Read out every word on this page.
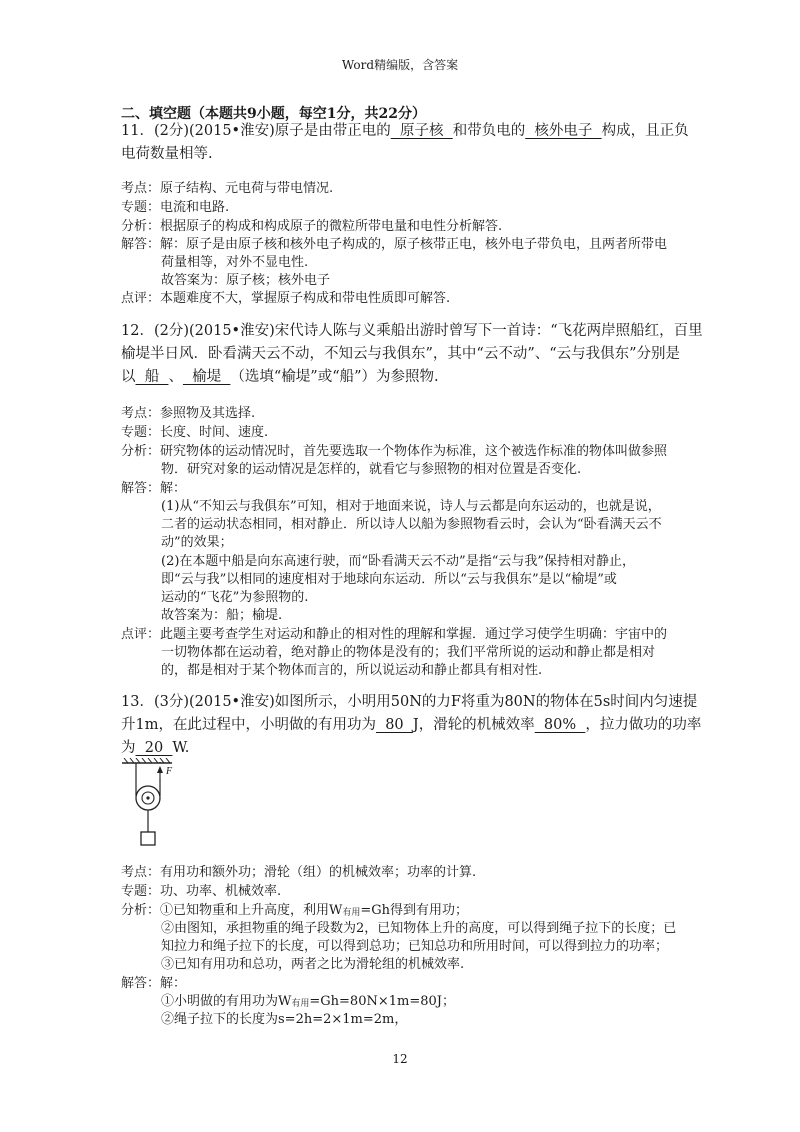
Word精编版，含答案
二、填空题（本题共9小题，每空1分，共22分）
11．(2分)(2015•淮安)原子是由带正电的  原子核  和带负电的  核外电子  构成，且正负
电荷数量相等.
考点：原子结构、元电荷与带电情况.
专题：电流和电路.
分析：根据原子的构成和构成原子的微粒所带电量和电性分析解答.
解答：解：原子是由原子核和核外电子构成的，原子核带正电，核外电子带负电，且两者所带电
荷量相等，对外不显电性.
故答案为：原子核；核外电子
点评：本题难度不大，掌握原子构成和带电性质即可解答.
12．(2分)(2015•淮安)宋代诗人陈与义乘船出游时曾写下一首诗：“飞花两岸照船红，百里
榆堤半日风．卧看满天云不动，不知云与我俱东”，其中“云不动”、“云与我俱东”分别是
以  船  、  榆堤  （选填“榆堤”或“船”）为参照物.
考点：参照物及其选择.
专题：长度、时间、速度.
分析：研究物体的运动情况时，首先要选取一个物体作为标准，这个被选作标准的物体叫做参照
物．研究对象的运动情况是怎样的，就看它与参照物的相对位置是否变化.
解答：解：
(1)从“不知云与我俱东”可知，相对于地面来说，诗人与云都是向东运动的，也就是说，
二者的运动状态相同，相对静止．所以诗人以船为参照物看云时，会认为“卧看满天云不
动”的效果；
(2)在本题中船是向东高速行驶，而“卧看满天云不动”是指“云与我”保持相对静止，
即“云与我”以相同的速度相对于地球向东运动．所以“云与我俱东”是以“榆堤”或
运动的“飞花”为参照物的.
故答案为：船；榆堤.
点评：此题主要考查学生对运动和静止的相对性的理解和掌握．通过学习使学生明确：宇宙中的
一切物体都在运动着，绝对静止的物体是没有的；我们平常所说的运动和静止都是相对
的，都是相对于某个物体而言的，所以说运动和静止都具有相对性.
13．(3分)(2015•淮安)如图所示，小明用50N的力F将重为80N的物体在5s时间内匀速提
升1m，在此过程中，小明做的有用功为  80  J，滑轮的机械效率  80%  ，拉力做功的功率
为  20  W.
F
考点：有用功和额外功；滑轮（组）的机械效率；功率的计算.
专题：功、功率、机械效率.
分析：①已知物重和上升高度，利用$W_{有用}=Gh$得到有用功；
②由图知，承担物重的绳子段数为2，已知物体上升的高度，可以得到绳子拉下的长度；已
知拉力和绳子拉下的长度，可以得到总功；已知总功和所用时间，可以得到拉力的功率；
③已知有用功和总功，两者之比为滑轮组的机械效率.
解答：解：
①小明做的有用功为$W_{有用}=Gh=80N\times 1m=80J$；
②绳子拉下的长度为s=2h=2×1m=2m，
12
